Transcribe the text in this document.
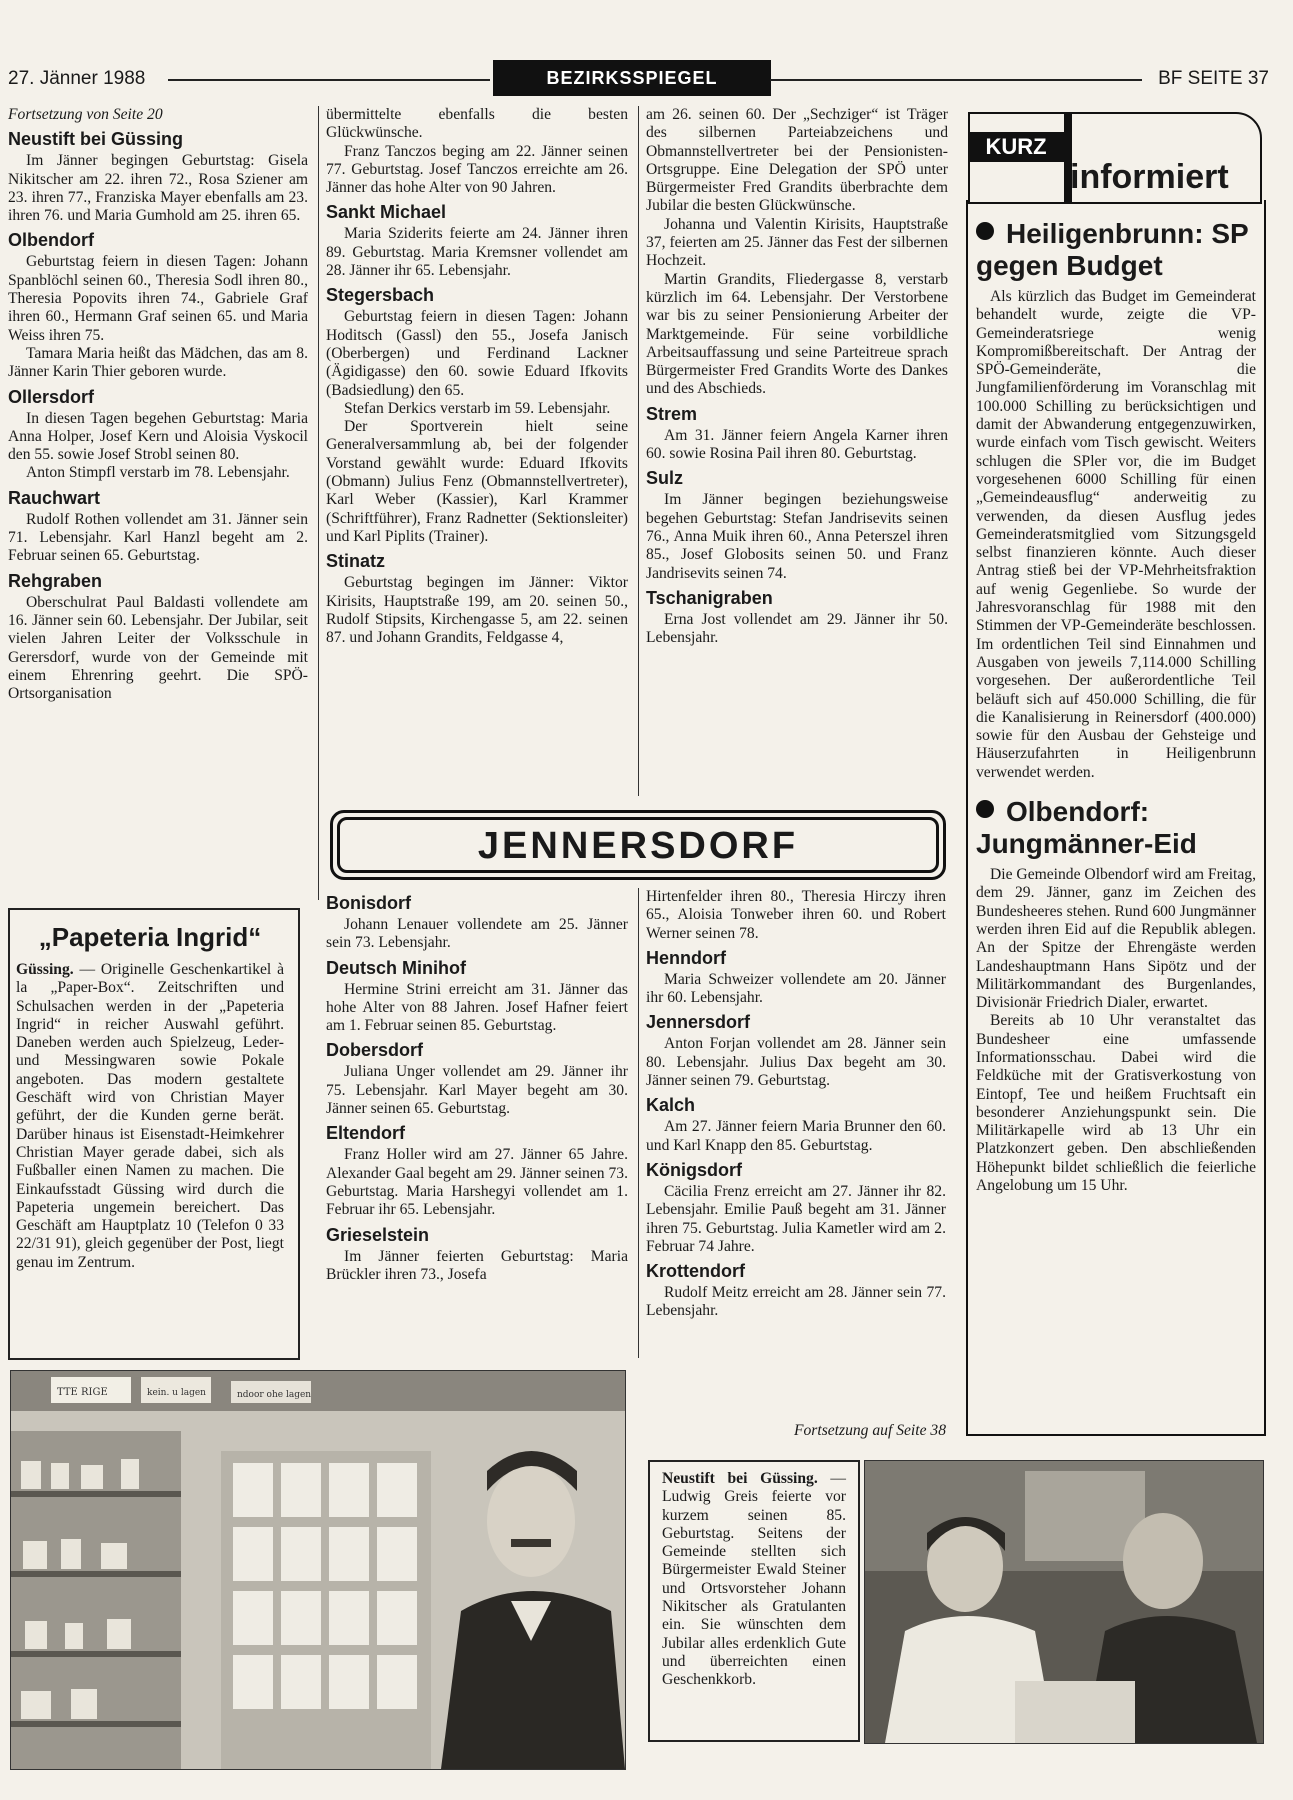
27. Jänner 1988	BEZIRKSSPIEGEL	BF SEITE 37
Fortsetzung von Seite 20
Neustift bei Güssing

Im Jänner begingen Geburtstag: Gisela Nikitscher am 22. ihren 72., Rosa Sziener am 23. ihren 77., Franziska Mayer ebenfalls am 23. ihren 76. und Maria Gumhold am 25. ihren 65.

Olbendorf

Geburtstag feiern in diesen Tagen: Johann Spanblöchl seinen 60., Theresia Sodl ihren 80., Theresia Popovits ihren 74., Gabriele Graf ihren 60., Hermann Graf seinen 65. und Maria Weiss ihren 75.

Tamara Maria heißt das Mädchen, das am 8. Jänner Karin Thier geboren wurde.

Ollersdorf

In diesen Tagen begehen Geburtstag: Maria Anna Holper, Josef Kern und Aloisia Vyskocil den 55. sowie Josef Strobl seinen 80.

Anton Stimpfl verstarb im 78. Lebensjahr.

Rauchwart

Rudolf Rothen vollendet am 31. Jänner sein 71. Lebensjahr. Karl Hanzl begeht am 2. Februar seinen 65. Geburtstag.

Rehgraben

Oberschulrat Paul Baldasti vollendete am 16. Jänner sein 60. Lebensjahr. Der Jubilar, seit vielen Jahren Leiter der Volksschule in Gerersdorf, wurde von der Gemeinde mit einem Ehrenring geehrt. Die SPÖ-Ortsorganisation

übermittelte ebenfalls die besten Glückwünsche.

Franz Tanczos beging am 22. Jänner seinen 77. Geburtstag. Josef Tanczos erreichte am 26. Jänner das hohe Alter von 90 Jahren.

Sankt Michael

Maria Sziderits feierte am 24. Jänner ihren 89. Geburtstag. Maria Kremsner vollendet am 28. Jänner ihr 65. Lebensjahr.

Stegersbach

Geburtstag feiern in diesen Tagen: Johann Hoditsch (Gassl) den 55., Josefa Janisch (Oberbergen) und Ferdinand Lackner (Ägidigasse) den 60. sowie Eduard Ifkovits (Badsiedlung) den 65.

Stefan Derkics verstarb im 59. Lebensjahr.

Der Sportverein hielt seine Generalversammlung ab, bei der folgender Vorstand gewählt wurde: Eduard Ifkovits (Obmann) Julius Fenz (Obmannstellvertreter), Karl Weber (Kassier), Karl Krammer (Schriftführer), Franz Radnetter (Sektionsleiter) und Karl Piplits (Trainer).

Stinatz

Geburtstag begingen im Jänner: Viktor Kirisits, Hauptstraße 199, am 20. seinen 50., Rudolf Stipsits, Kirchengasse 5, am 22. seinen 87. und Johann Grandits, Feldgasse 4,

am 26. seinen 60. Der „Sechziger“ ist Träger des silbernen Parteiabzeichens und Obmannstellvertreter bei der Pensionisten-Ortsgruppe. Eine Delegation der SPÖ unter Bürgermeister Fred Grandits überbrachte dem Jubilar die besten Glückwünsche.

Johanna und Valentin Kirisits, Hauptstraße 37, feierten am 25. Jänner das Fest der silbernen Hochzeit.

Martin Grandits, Fliedergasse 8, verstarb kürzlich im 64. Lebensjahr. Der Verstorbene war bis zu seiner Pensionierung Arbeiter der Marktgemeinde. Für seine vorbildliche Arbeitsauffassung und seine Parteitreue sprach Bürgermeister Fred Grandits Worte des Dankes und des Abschieds.

Strem

Am 31. Jänner feiern Angela Karner ihren 60. sowie Rosina Pail ihren 80. Geburtstag.

Sulz

Im Jänner begingen beziehungsweise begehen Geburtstag: Stefan Jandrisevits seinen 76., Anna Muik ihren 60., Anna Peterszel ihren 85., Josef Globosits seinen 50. und Franz Jandrisevits seinen 74.

Tschanigraben

Erna Jost vollendet am 29. Jänner ihr 50. Lebensjahr.

„Papeteria Ingrid“

Güssing. — Originelle Geschenkartikel à la „Paper-Box“. Zeitschriften und Schulsachen werden in der „Papeteria Ingrid“ in reicher Auswahl geführt. Daneben werden auch Spielzeug, Leder- und Messingwaren sowie Pokale angeboten. Das modern gestaltete Geschäft wird von Christian Mayer geführt, der die Kunden gerne berät. Darüber hinaus ist Eisenstadt-Heimkehrer Christian Mayer gerade dabei, sich als Fußballer einen Namen zu machen. Die Einkaufsstadt Güssing wird durch die Papeteria ungemein bereichert. Das Geschäft am Hauptplatz 10 (Telefon 0 33 22/31 91), gleich gegenüber der Post, liegt genau im Zentrum.

JENNERSDORF
Bonisdorf

Johann Lenauer vollendete am 25. Jänner sein 73. Lebensjahr.

Deutsch Minihof

Hermine Strini erreicht am 31. Jänner das hohe Alter von 88 Jahren. Josef Hafner feiert am 1. Februar seinen 85. Geburtstag.

Dobersdorf

Juliana Unger vollendet am 29. Jänner ihr 75. Lebensjahr. Karl Mayer begeht am 30. Jänner seinen 65. Geburtstag.

Eltendorf

Franz Holler wird am 27. Jänner 65 Jahre. Alexander Gaal begeht am 29. Jänner seinen 73. Geburtstag. Maria Harshegyi vollendet am 1. Februar ihr 65. Lebensjahr.

Grieselstein

Im Jänner feierten Geburtstag: Maria Brückler ihren 73., Josefa

Hirtenfelder ihren 80., Theresia Hirczy ihren 65., Aloisia Tonweber ihren 60. und Robert Werner seinen 78.

Henndorf

Maria Schweizer vollendete am 20. Jänner ihr 60. Lebensjahr.

Jennersdorf

Anton Forjan vollendet am 28. Jänner sein 80. Lebensjahr. Julius Dax begeht am 30. Jänner seinen 79. Geburtstag.

Kalch

Am 27. Jänner feiern Maria Brunner den 60. und Karl Knapp den 85. Geburtstag.

Königsdorf

Cäcilia Frenz erreicht am 27. Jänner ihr 82. Lebensjahr. Emilie Pauß begeht am 31. Jänner ihren 75. Geburtstag. Julia Kametler wird am 2. Februar 74 Jahre.

Krottendorf

Rudolf Meitz erreicht am 28. Jänner sein 77. Lebensjahr.

Fortsetzung auf Seite 38
KURZ
informiert
Heiligenbrunn: SP gegen Budget

Als kürzlich das Budget im Gemeinderat behandelt wurde, zeigte die VP-Gemeinderatsriege wenig Kompromißbereitschaft. Der Antrag der SPÖ-Gemeinderäte, die Jungfamilienförderung im Voranschlag mit 100.000 Schilling zu berücksichtigen und damit der Abwanderung entgegenzuwirken, wurde einfach vom Tisch gewischt. Weiters schlugen die SPler vor, die im Budget vorgesehenen 6000 Schilling für einen „Gemeindeausflug“ anderweitig zu verwenden, da diesen Ausflug jedes Gemeinderatsmitglied vom Sitzungsgeld selbst finanzieren könnte. Auch dieser Antrag stieß bei der VP-Mehrheitsfraktion auf wenig Gegenliebe. So wurde der Jahresvoranschlag für 1988 mit den Stimmen der VP-Gemeinderäte beschlossen. Im ordentlichen Teil sind Einnahmen und Ausgaben von jeweils 7,114.000 Schilling vorgesehen. Der außerordentliche Teil beläuft sich auf 450.000 Schilling, die für die Kanalisierung in Reinersdorf (400.000) sowie für den Ausbau der Gehsteige und Häuserzufahrten in Heiligenbrunn verwendet werden.

Olbendorf: Jungmänner-Eid

Die Gemeinde Olbendorf wird am Freitag, dem 29. Jänner, ganz im Zeichen des Bundesheeres stehen. Rund 600 Jungmänner werden ihren Eid auf die Republik ablegen. An der Spitze der Ehrengäste werden Landeshauptmann Hans Sipötz und der Militärkommandant des Burgenlandes, Divisionär Friedrich Dialer, erwartet.

Bereits ab 10 Uhr veranstaltet das Bundesheer eine umfassende Informationsschau. Dabei wird die Feldküche mit der Gratisverkostung von Eintopf, Tee und heißem Fruchtsaft ein besonderer Anziehungspunkt sein. Die Militärkapelle wird ab 13 Uhr ein Platzkonzert geben. Den abschließenden Höhepunkt bildet schließlich die feierliche Angelobung um 15 Uhr.

TTE RIGE	kein. u lagen	ndoor ohe lagen

Neustift bei Güssing. — Ludwig Greis feierte vor kurzem seinen 85. Geburtstag. Seitens der Gemeinde stellten sich Bürgermeister Ewald Steiner und Ortsvorsteher Johann Nikitscher als Gratulanten ein. Sie wünschten dem Jubilar alles erdenklich Gute und überreichten einen Geschenkkorb.
